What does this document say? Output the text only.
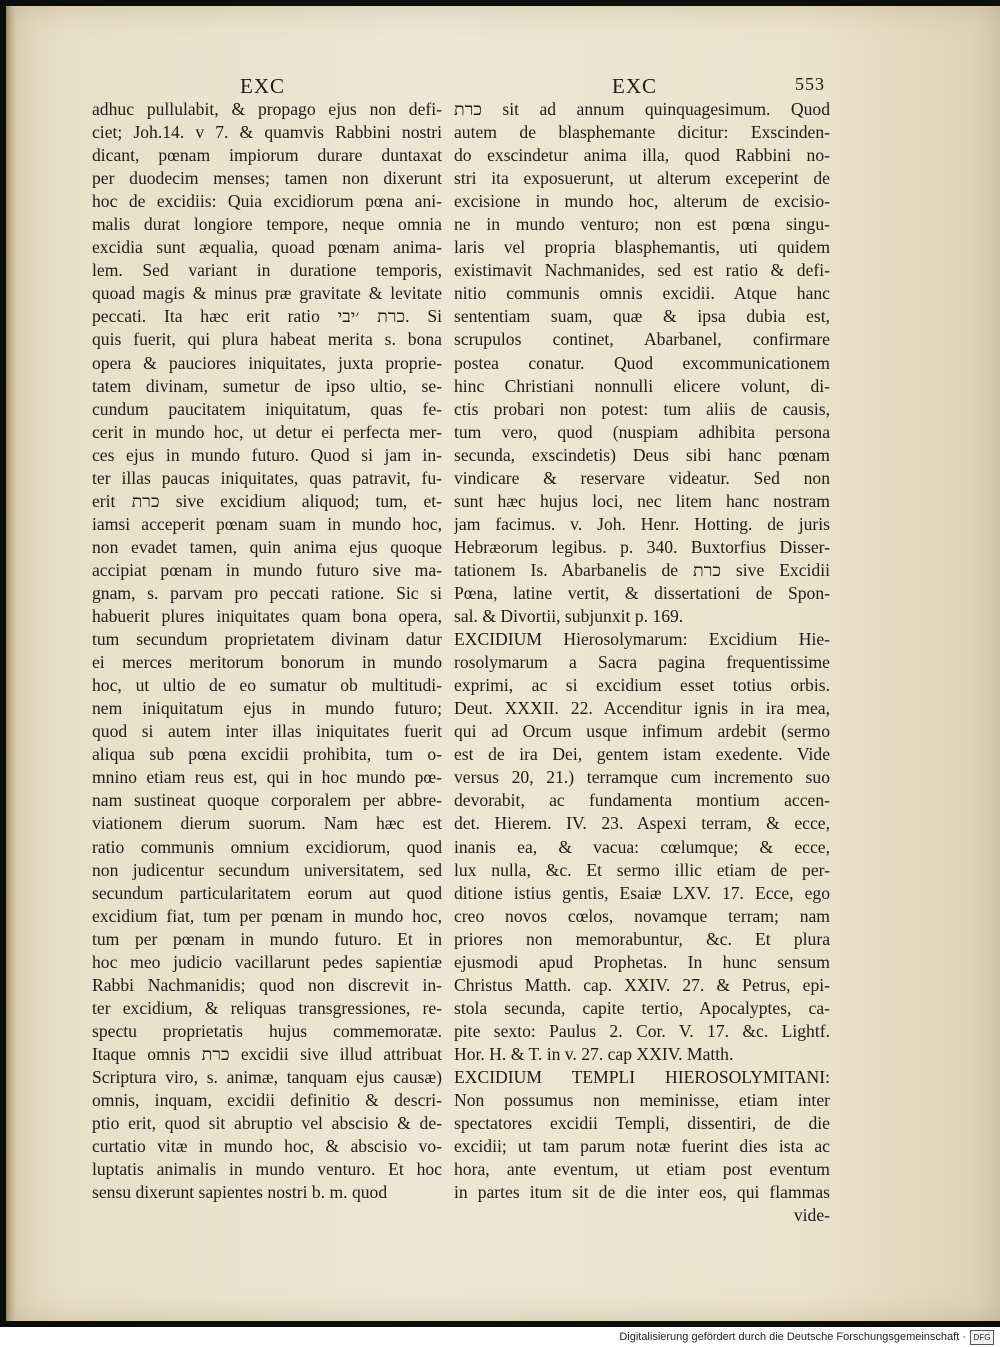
EXC	EXC	553
adhuc pullulabit, & propago ejus non defi-
ciet; Joh.14. v 7. & quamvis Rabbini nostri
dicant, pœnam impiorum durare duntaxat
per duodecim menses; tamen non dixerunt
hoc de excidiis: Quia excidiorum pœna ani-
malis durat longiore tempore, neque omnia
excidia sunt æqualia, quoad pœnam anima-
lem. Sed variant in duratione temporis,
quoad magis & minus præ gravitate & levitate
peccati. Ita hæc erit ratio כרת ׳יבי. Si
quis fuerit, qui plura habeat merita s. bona
opera & pauciores iniquitates, juxta proprie-
tatem divinam, sumetur de ipso ultio, se-
cundum paucitatem iniquitatum, quas fe-
cerit in mundo hoc, ut detur ei perfecta mer-
ces ejus in mundo futuro. Quod si jam in-
ter illas paucas iniquitates, quas patravit, fu-
erit כרת sive excidium aliquod; tum, et-
iamsi acceperit pœnam suam in mundo hoc,
non evadet tamen, quin anima ejus quoque
accipiat pœnam in mundo futuro sive ma-
gnam, s. parvam pro peccati ratione. Sic si
habuerit plures iniquitates quam bona opera,
tum secundum proprietatem divinam datur
ei merces meritorum bonorum in mundo
hoc, ut ultio de eo sumatur ob multitudi-
nem iniquitatum ejus in mundo futuro;
quod si autem inter illas iniquitates fuerit
aliqua sub pœna excidii prohibita, tum o-
mnino etiam reus est, qui in hoc mundo pœ-
nam sustineat quoque corporalem per abbre-
viationem dierum suorum. Nam hæc est
ratio communis omnium excidiorum, quod
non judicentur secundum universitatem, sed
secundum particularitatem eorum aut quod
excidium fiat, tum per pœnam in mundo hoc,
tum per pœnam in mundo futuro. Et in
hoc meo judicio vacillarunt pedes sapientiæ
Rabbi Nachmanidis; quod non discrevit in-
ter excidium, & reliquas transgressiones, re-
spectu proprietatis hujus commemoratæ.
Itaque omnis כרת excidii sive illud attribuat
Scriptura viro, s. animæ, tanquam ejus causæ)
omnis, inquam, excidii definitio & descri-
ptio erit, quod sit abruptio vel abscisio & de-
curtatio vitæ in mundo hoc, & abscisio vo-
luptatis animalis in mundo venturo. Et hoc
sensu dixerunt sapientes nostri b. m. quod
כרת sit ad annum quinquagesimum. Quod
autem de blasphemante dicitur: Exscinden-
do exscindetur anima illa, quod Rabbini no-
stri ita exposuerunt, ut alterum exceperint de
excisione in mundo hoc, alterum de excisio-
ne in mundo venturo; non est pœna singu-
laris vel propria blasphemantis, uti quidem
existimavit Nachmanides, sed est ratio & defi-
nitio communis omnis excidii. Atque hanc
sententiam suam, quæ & ipsa dubia est,
scrupulos continet, Abarbanel, confirmare
postea conatur. Quod excommunicationem
hinc Christiani nonnulli elicere volunt, di-
ctis probari non potest: tum aliis de causis,
tum vero, quod (nuspiam adhibita persona
secunda, exscindetis) Deus sibi hanc pœnam
vindicare & reservare videatur. Sed non
sunt hæc hujus loci, nec litem hanc nostram
jam facimus. v. Joh. Henr. Hotting. de juris
Hebræorum legibus. p. 340. Buxtorfius Disser-
tationem Is. Abarbanelis de כרת sive Excidii
Pœna, latine vertit, & dissertationi de Spon-
sal. & Divortii, subjunxit p. 169.
EXCIDIUM Hierosolymarum: Excidium Hie-
rosolymarum a Sacra pagina frequentissime
exprimi, ac si excidium esset totius orbis.
Deut. XXXII. 22. Accenditur ignis in ira mea,
qui ad Orcum usque infimum ardebit (sermo
est de ira Dei, gentem istam exedente. Vide
versus 20, 21.) terramque cum incremento suo
devorabit, ac fundamenta montium accen-
det. Hierem. IV. 23. Aspexi terram, & ecce,
inanis ea, & vacua: cœlumque; & ecce,
lux nulla, &c. Et sermo illic etiam de per-
ditione istius gentis, Esaiæ LXV. 17. Ecce, ego
creo novos cœlos, novamque terram; nam
priores non memorabuntur, &c. Et plura
ejusmodi apud Prophetas. In hunc sensum
Christus Matth. cap. XXIV. 27. & Petrus, epi-
stola secunda, capite tertio, Apocalyptes, ca-
pite sexto: Paulus 2. Cor. V. 17. &c. Lightf.
Hor. H. & T. in v. 27. cap XXIV. Matth.
EXCIDIUM TEMPLI HIEROSOLYMITANI:
Non possumus non meminisse, etiam inter
spectatores excidii Templi, dissentiri, de die
excidii; ut tam parum notæ fuerint dies ista ac
hora, ante eventum, ut etiam post eventum
in partes itum sit de die inter eos, qui flammas
vide-
Digitalisierung gefördert durch die Deutsche Forschungsgemeinschaft · DFG
